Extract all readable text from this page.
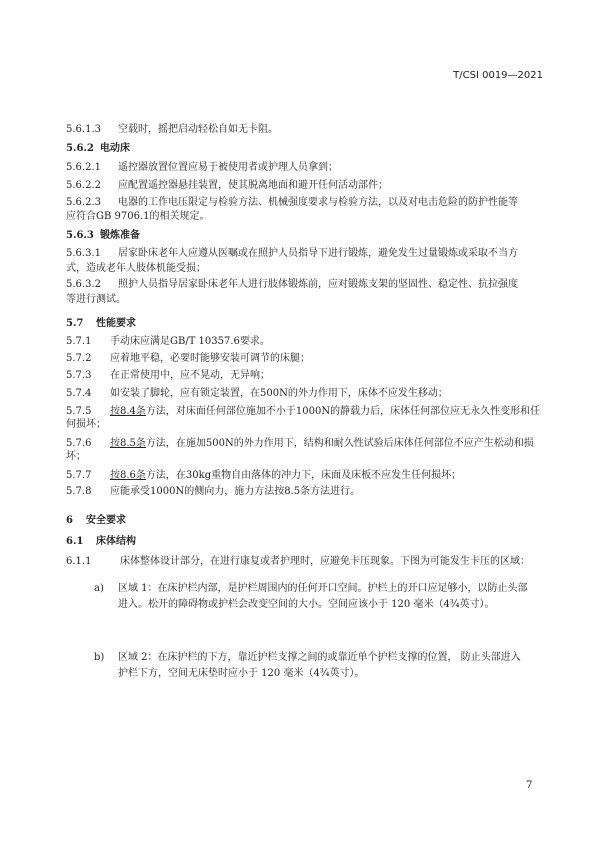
T/CSI 0019—2021
5.6.1.3 空载时，摇把启动轻松自如无卡阻。
5.6.2 电动床
5.6.2.1 遥控器放置位置应易于被使用者或护理人员拿到；
5.6.2.2 应配置遥控器悬挂装置，使其脱离地面和避开任何活动部件；
5.6.2.3 电器的工作电压限定与检验方法、机械强度要求与检验方法，以及对电击危险的防护性能等
应符合GB 9706.1的相关规定。
5.6.3 锻炼准备
5.6.3.1 居家卧床老年人应遵从医嘱或在照护人员指导下进行锻炼，避免发生过量锻炼或采取不当方
式，造成老年人肢体机能受损；
5.6.3.2 照护人员指导居家卧床老年人进行肢体锻炼前，应对锻炼支架的坚固性、稳定性、抗拉强度
等进行测试。
5.7 性能要求
5.7.1 手动床应满足GB/T 10357.6要求。
5.7.2 应着地平稳，必要时能够安装可调节的床腿；
5.7.3 在正常使用中，应不晃动，无异响；
5.7.4 如安装了脚轮，应有锁定装置，在500N的外力作用下，床体不应发生移动；
5.7.5 按8.4条方法，对床面任何部位施加不小于1000N的静载力后，床体任何部位应无永久性变形和任
何损坏；
5.7.6 按8.5条方法，在施加500N的外力作用下，结构和耐久性试验后床体任何部位不应产生松动和损
坏；
5.7.7 按8.6条方法，在30kg重物自由落体的冲力下，床面及床板不应发生任何损坏；
5.7.8 应能承受1000N的侧向力，施力方法按8.5条方法进行。
6 安全要求
6.1 床体结构
6.1.1	床体整体设计部分，在进行康复或者护理时，应避免卡压现象。下图为可能发生卡压的区域：
a) 区域 1：在床护栏内部，是护栏周围内的任何开口空间。护栏上的开口应足够小，以防止头部
进入。松开的障碍物或护栏会改变空间的大小。空间应该小于 120 毫米（4¾英寸）。
b) 区域 2：在床护栏的下方，靠近护栏支撑之间的或靠近单个护栏支撑的位置， 防止头部进入
护栏下方，空间无床垫时应小于 120 毫米（4¾英寸）。
7
